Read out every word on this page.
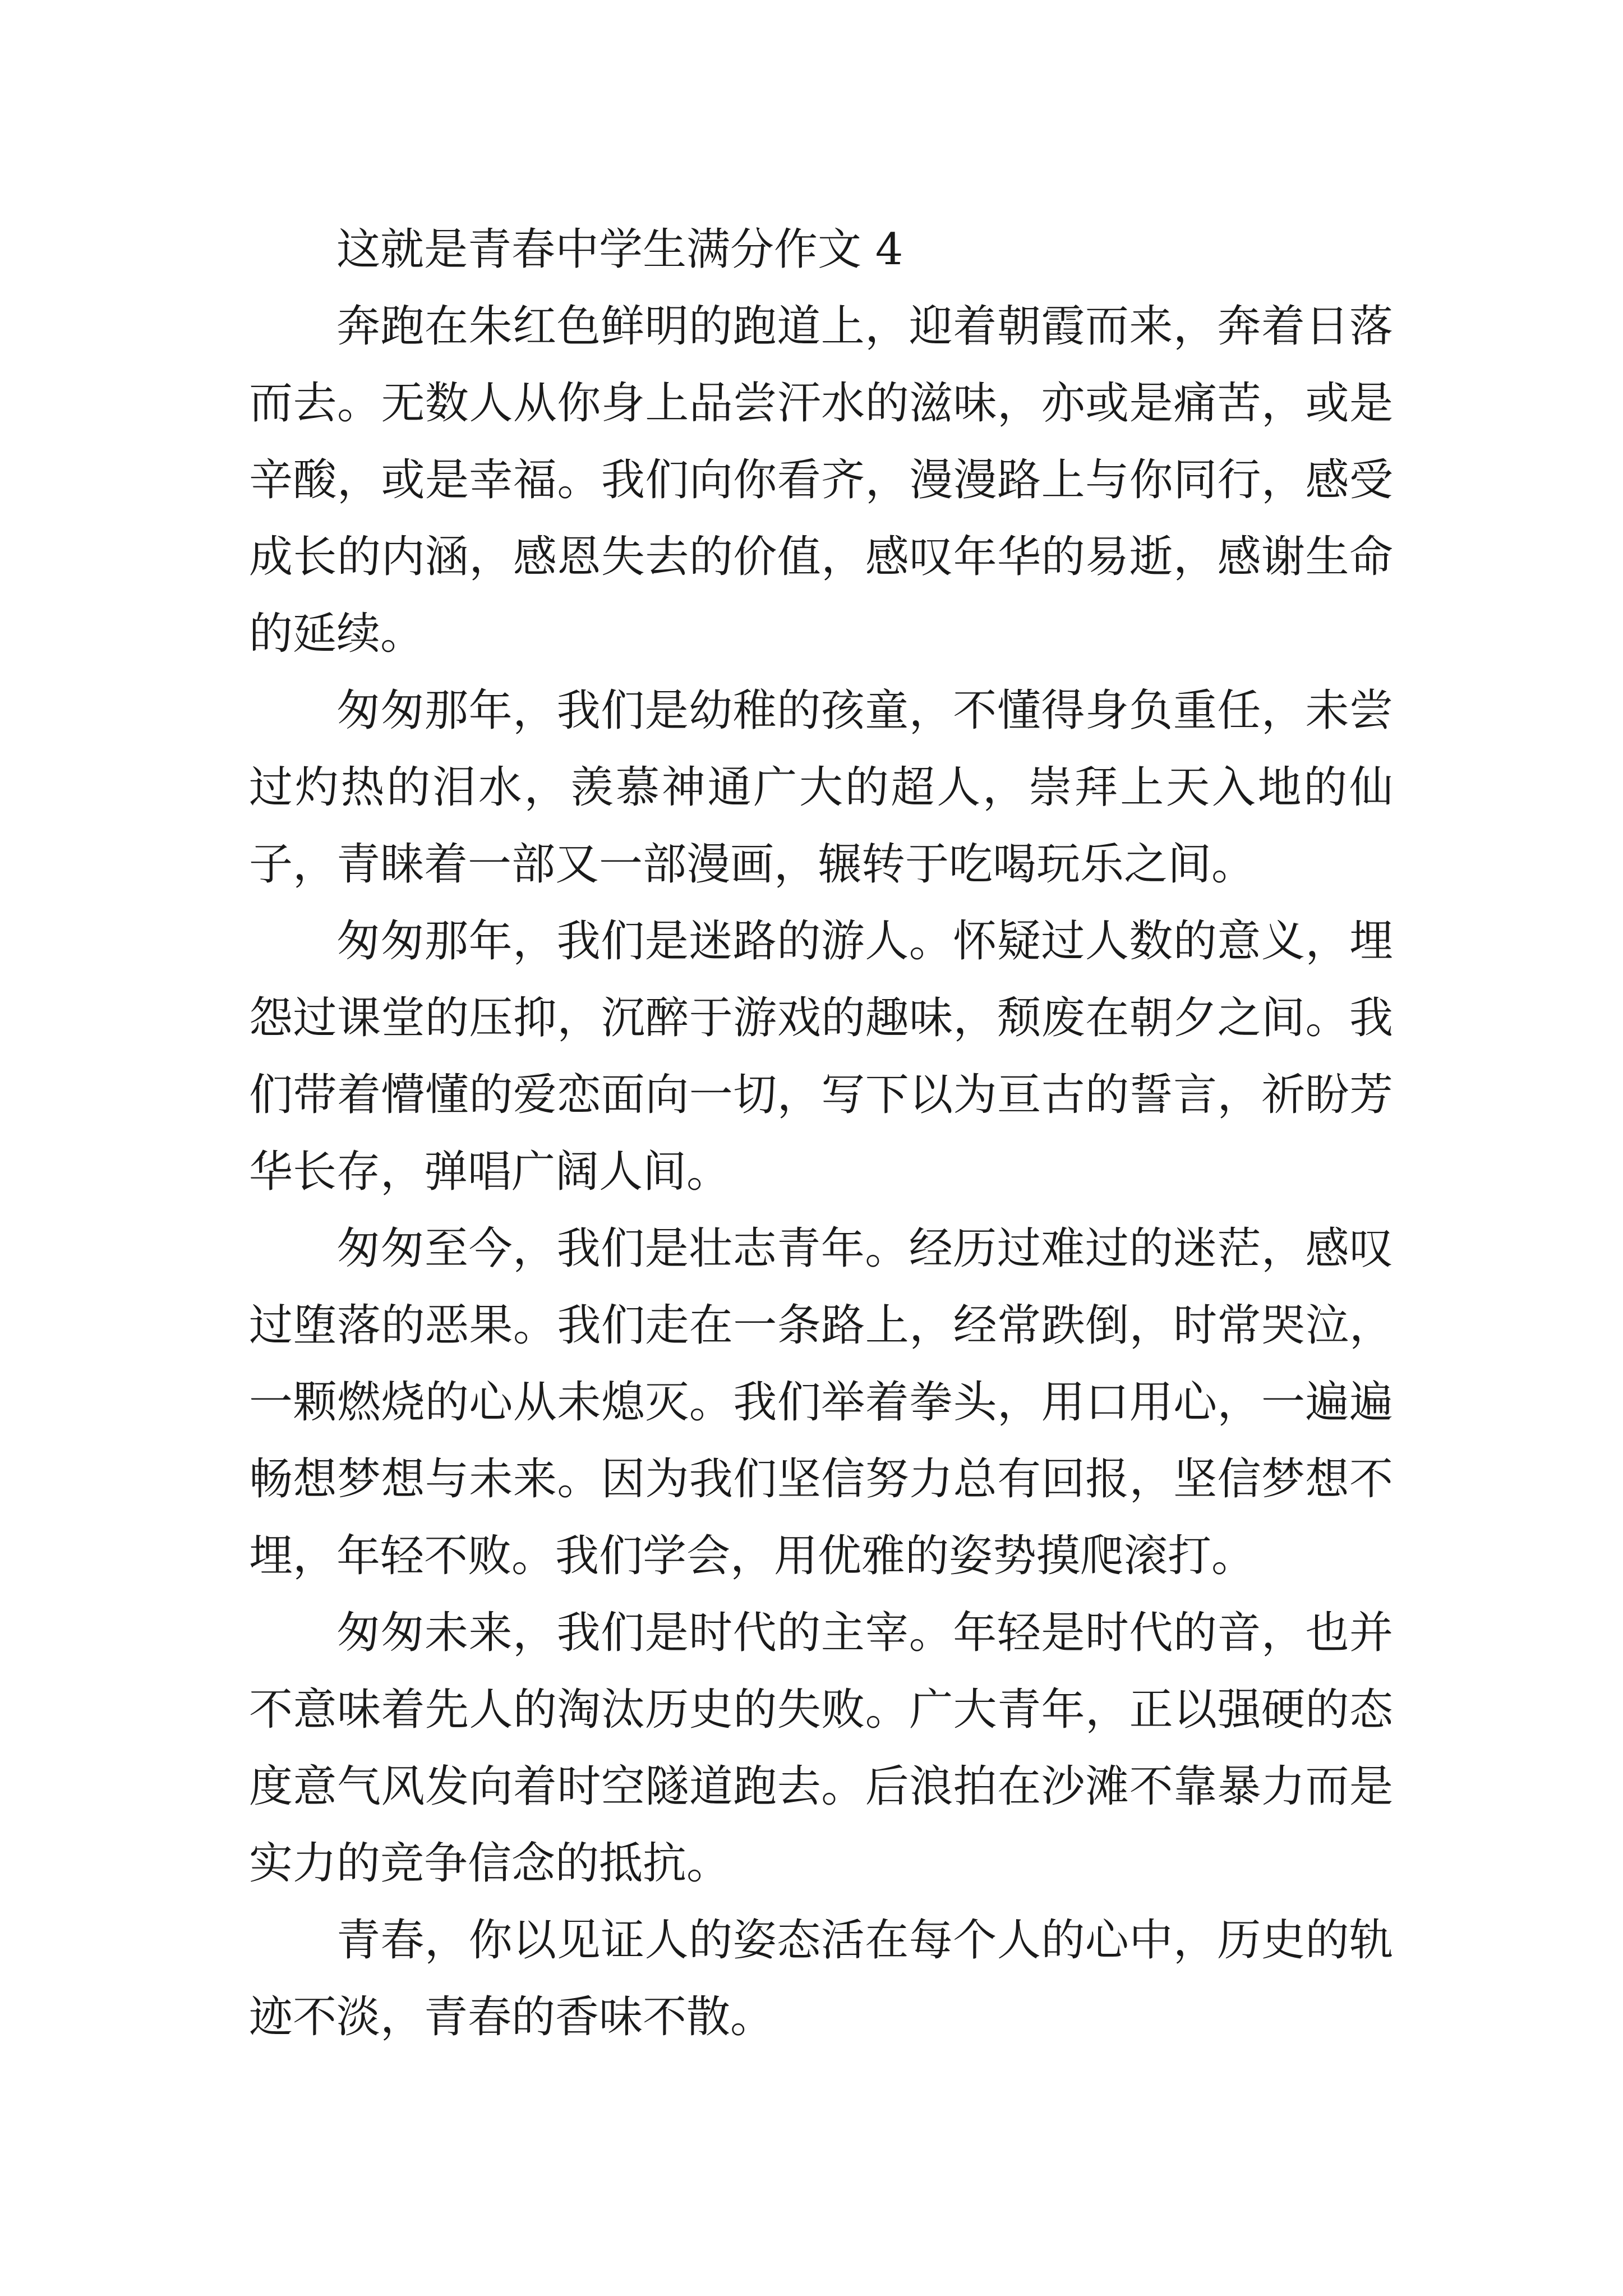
这就是青春中学生满分作文 4

奔跑在朱红色鲜明的跑道上，迎着朝霞而来，奔着日落而去。无数人从你身上品尝汗水的滋味，亦或是痛苦，或是辛酸，或是幸福。我们向你看齐，漫漫路上与你同行，感受成长的内涵，感恩失去的价值，感叹年华的易逝，感谢生命的延续。

匆匆那年，我们是幼稚的孩童，不懂得身负重任，未尝过灼热的泪水，羡慕神通广大的超人，崇拜上天入地的仙子，青睐着一部又一部漫画，辗转于吃喝玩乐之间。

匆匆那年，我们是迷路的游人。怀疑过人数的意义，埋怨过课堂的压抑，沉醉于游戏的趣味，颓废在朝夕之间。我们带着懵懂的爱恋面向一切，写下以为亘古的誓言，祈盼芳华长存，弹唱广阔人间。

匆匆至今，我们是壮志青年。经历过难过的迷茫，感叹过堕落的恶果。我们走在一条路上，经常跌倒，时常哭泣，一颗燃烧的心从未熄灭。我们举着拳头，用口用心，一遍遍畅想梦想与未来。因为我们坚信努力总有回报，坚信梦想不埋，年轻不败。我们学会，用优雅的姿势摸爬滚打。

匆匆未来，我们是时代的主宰。年轻是时代的音，也并不意味着先人的淘汰历史的失败。广大青年，正以强硬的态度意气风发向着时空隧道跑去。后浪拍在沙滩不靠暴力而是实力的竞争信念的抵抗。

青春，你以见证人的姿态活在每个人的心中，历史的轨迹不淡，青春的香味不散。
